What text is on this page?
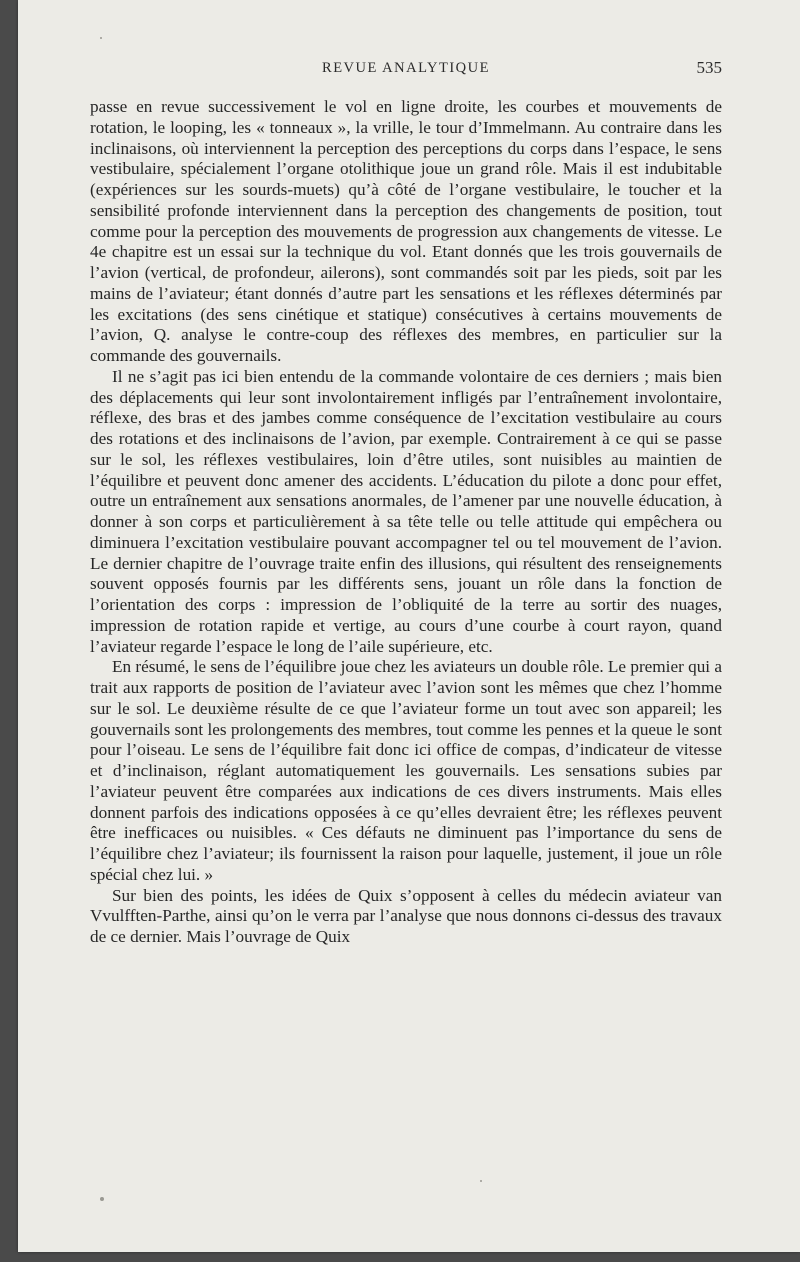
REVUE ANALYTIQUE	535

passe en revue successivement le vol en ligne droite, les courbes et mouvements de rotation, le looping, les « tonneaux », la vrille, le tour d’Immelmann. Au contraire dans les inclinaisons, où interviennent la perception des perceptions du corps dans l’espace, le sens vestibulaire, spécialement l’organe otolithique joue un grand rôle. Mais il est indubitable (expériences sur les sourds-muets) qu’à côté de l’organe vestibulaire, le toucher et la sensibilité profonde interviennent dans la perception des changements de position, tout comme pour la perception des mouvements de progression aux changements de vitesse. Le 4e chapitre est un essai sur la technique du vol. Etant donnés que les trois gouvernails de l’avion (vertical, de profondeur, ailerons), sont commandés soit par les pieds, soit par les mains de l’aviateur; étant donnés d’autre part les sensations et les réflexes déterminés par les excitations (des sens cinétique et statique) consécutives à certains mouvements de l’avion, Q. analyse le contre-coup des réflexes des membres, en particulier sur la commande des gouvernails.

Il ne s’agit pas ici bien entendu de la commande volontaire de ces derniers ; mais bien des déplacements qui leur sont involontairement infligés par l’entraînement involontaire, réflexe, des bras et des jambes comme conséquence de l’excitation vestibulaire au cours des rotations et des inclinaisons de l’avion, par exemple. Contrairement à ce qui se passe sur le sol, les réflexes vestibulaires, loin d’être utiles, sont nuisibles au maintien de l’équilibre et peuvent donc amener des accidents. L’éducation du pilote a donc pour effet, outre un entraînement aux sensations anormales, de l’amener par une nouvelle éducation, à donner à son corps et particulièrement à sa tête telle ou telle attitude qui empêchera ou diminuera l’excitation vestibulaire pouvant accompagner tel ou tel mouvement de l’avion. Le dernier chapitre de l’ouvrage traite enfin des illusions, qui résultent des renseignements souvent opposés fournis par les différents sens, jouant un rôle dans la fonction de l’orientation des corps : impression de l’obliquité de la terre au sortir des nuages, impression de rotation rapide et vertige, au cours d’une courbe à court rayon, quand l’aviateur regarde l’espace le long de l’aile supérieure, etc.

En résumé, le sens de l’équilibre joue chez les aviateurs un double rôle. Le premier qui a trait aux rapports de position de l’aviateur avec l’avion sont les mêmes que chez l’homme sur le sol. Le deuxième résulte de ce que l’aviateur forme un tout avec son appareil; les gouvernails sont les prolongements des membres, tout comme les pennes et la queue le sont pour l’oiseau. Le sens de l’équilibre fait donc ici office de compas, d’indicateur de vitesse et d’inclinaison, réglant automatiquement les gouvernails. Les sensations subies par l’aviateur peuvent être comparées aux indications de ces divers instruments. Mais elles donnent parfois des indications opposées à ce qu’elles devraient être; les réflexes peuvent être inefficaces ou nuisibles. « Ces défauts ne diminuent pas l’importance du sens de l’équilibre chez l’aviateur; ils fournissent la raison pour laquelle, justement, il joue un rôle spécial chez lui. »

Sur bien des points, les idées de Quix s’opposent à celles du médecin aviateur van Vvulfften-Parthe, ainsi qu’on le verra par l’analyse que nous donnons ci-dessus des travaux de ce dernier. Mais l’ouvrage de Quix
